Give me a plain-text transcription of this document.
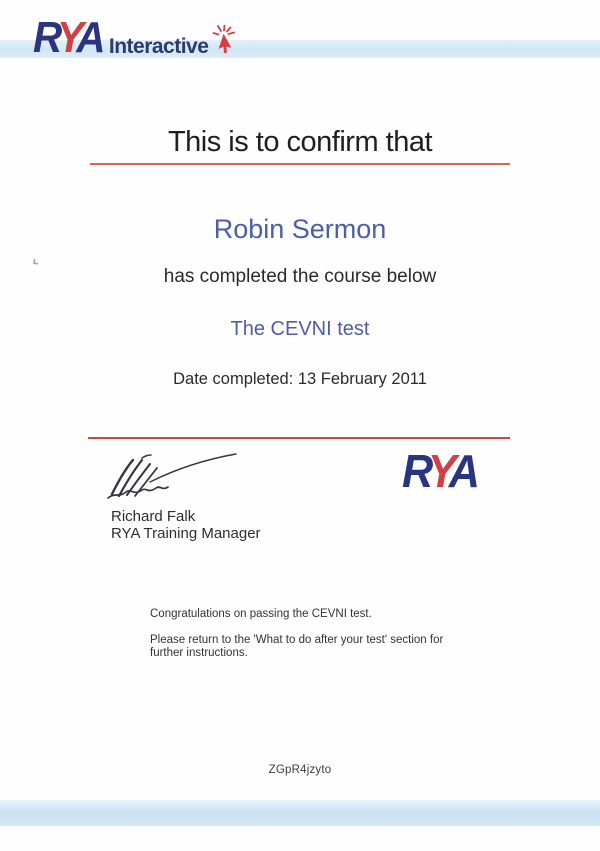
RYA Interactive
⌞
This is to confirm that
Robin Sermon
has completed the course below
The CEVNI test
Date completed: 13 February 2011
Richard Falk
RYA Training Manager
RYA
Congratulations on passing the CEVNI test.
Please return to the 'What to do after your test' section for
further instructions.
ZGpR4jzyto
